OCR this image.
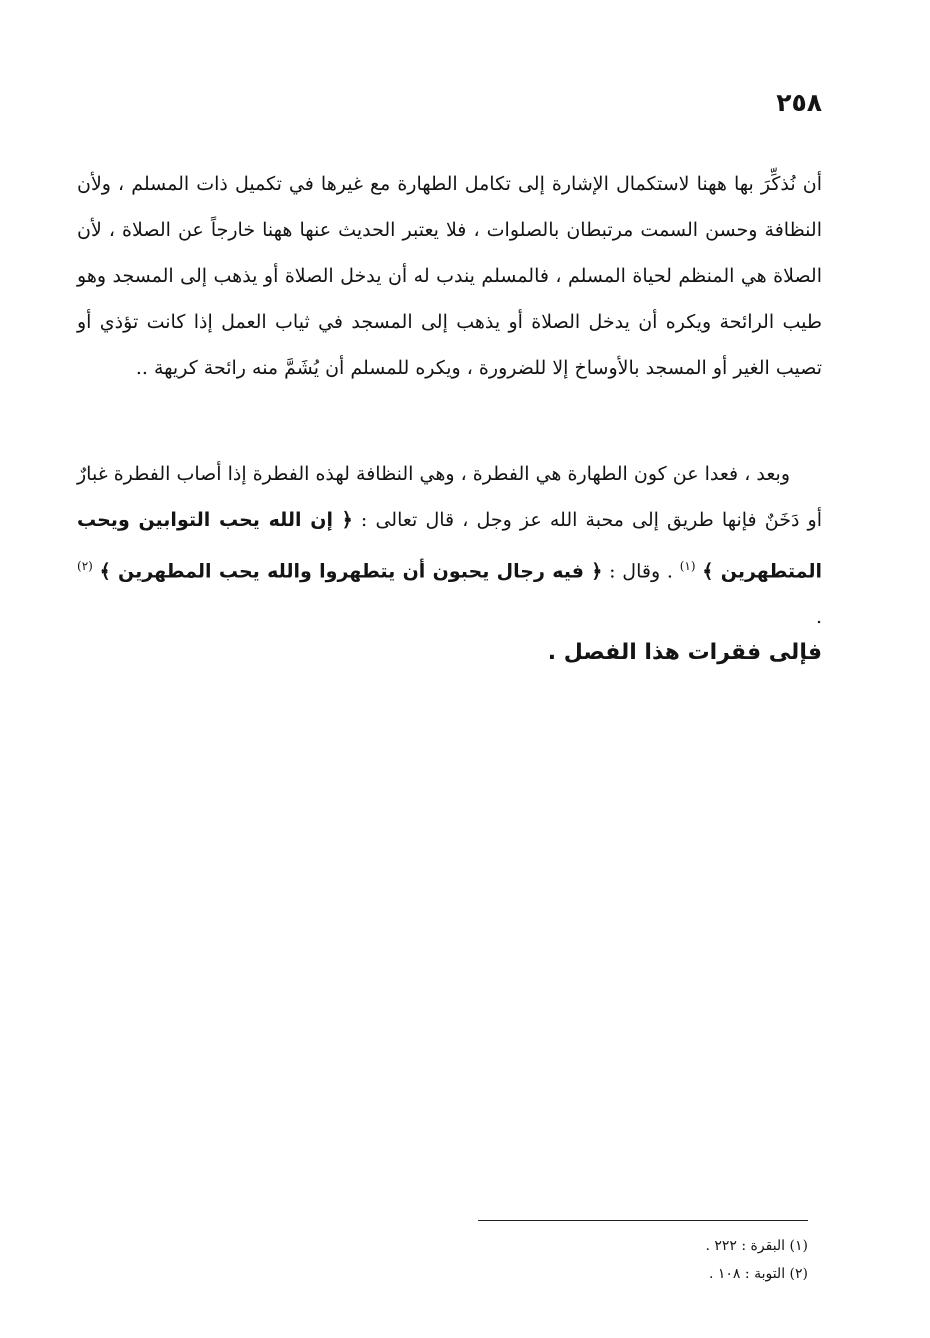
٢٥٨

أن نُذكِّرَ بها ههنا لاستكمال الإشارة إلى تكامل الطهارة مع غيرها في تكميل ذات المسلم ، ولأن النظافة وحسن السمت مرتبطان بالصلوات ، فلا يعتبر الحديث عنها ههنا خارجاً عن الصلاة ، لأن الصلاة هي المنظم لحياة المسلم ، فالمسلم يندب له أن يدخل الصلاة أو يذهب إلى المسجد وهو طيب الرائحة ويكره أن يدخل الصلاة أو يذهب إلى المسجد في ثياب العمل إذا كانت تؤذي أو تصيب الغير أو المسجد بالأوساخ إلا للضرورة ، ويكره للمسلم أن يُشَمَّ منه رائحة كريهة ..

وبعد ، فعدا عن كون الطهارة هي الفطرة ، وهي النظافة لهذه الفطرة إذا أصاب الفطرة غبارٌ أو دَخَنٌ فإنها طريق إلى محبة الله عز وجل ، قال تعالى : ﴿ إن الله يحب التوابين ويحب المتطهرين ﴾ $^{(١)}$ . وقال : ﴿ فيه رجال يحبون أن يتطهروا والله يحب المطهرين ﴾ $^{(٢)}$ .

فإلى فقرات هذا الفصل .
(١) البقرة : ٢٢٢ .
(٢) التوبة : ١٠٨ .
